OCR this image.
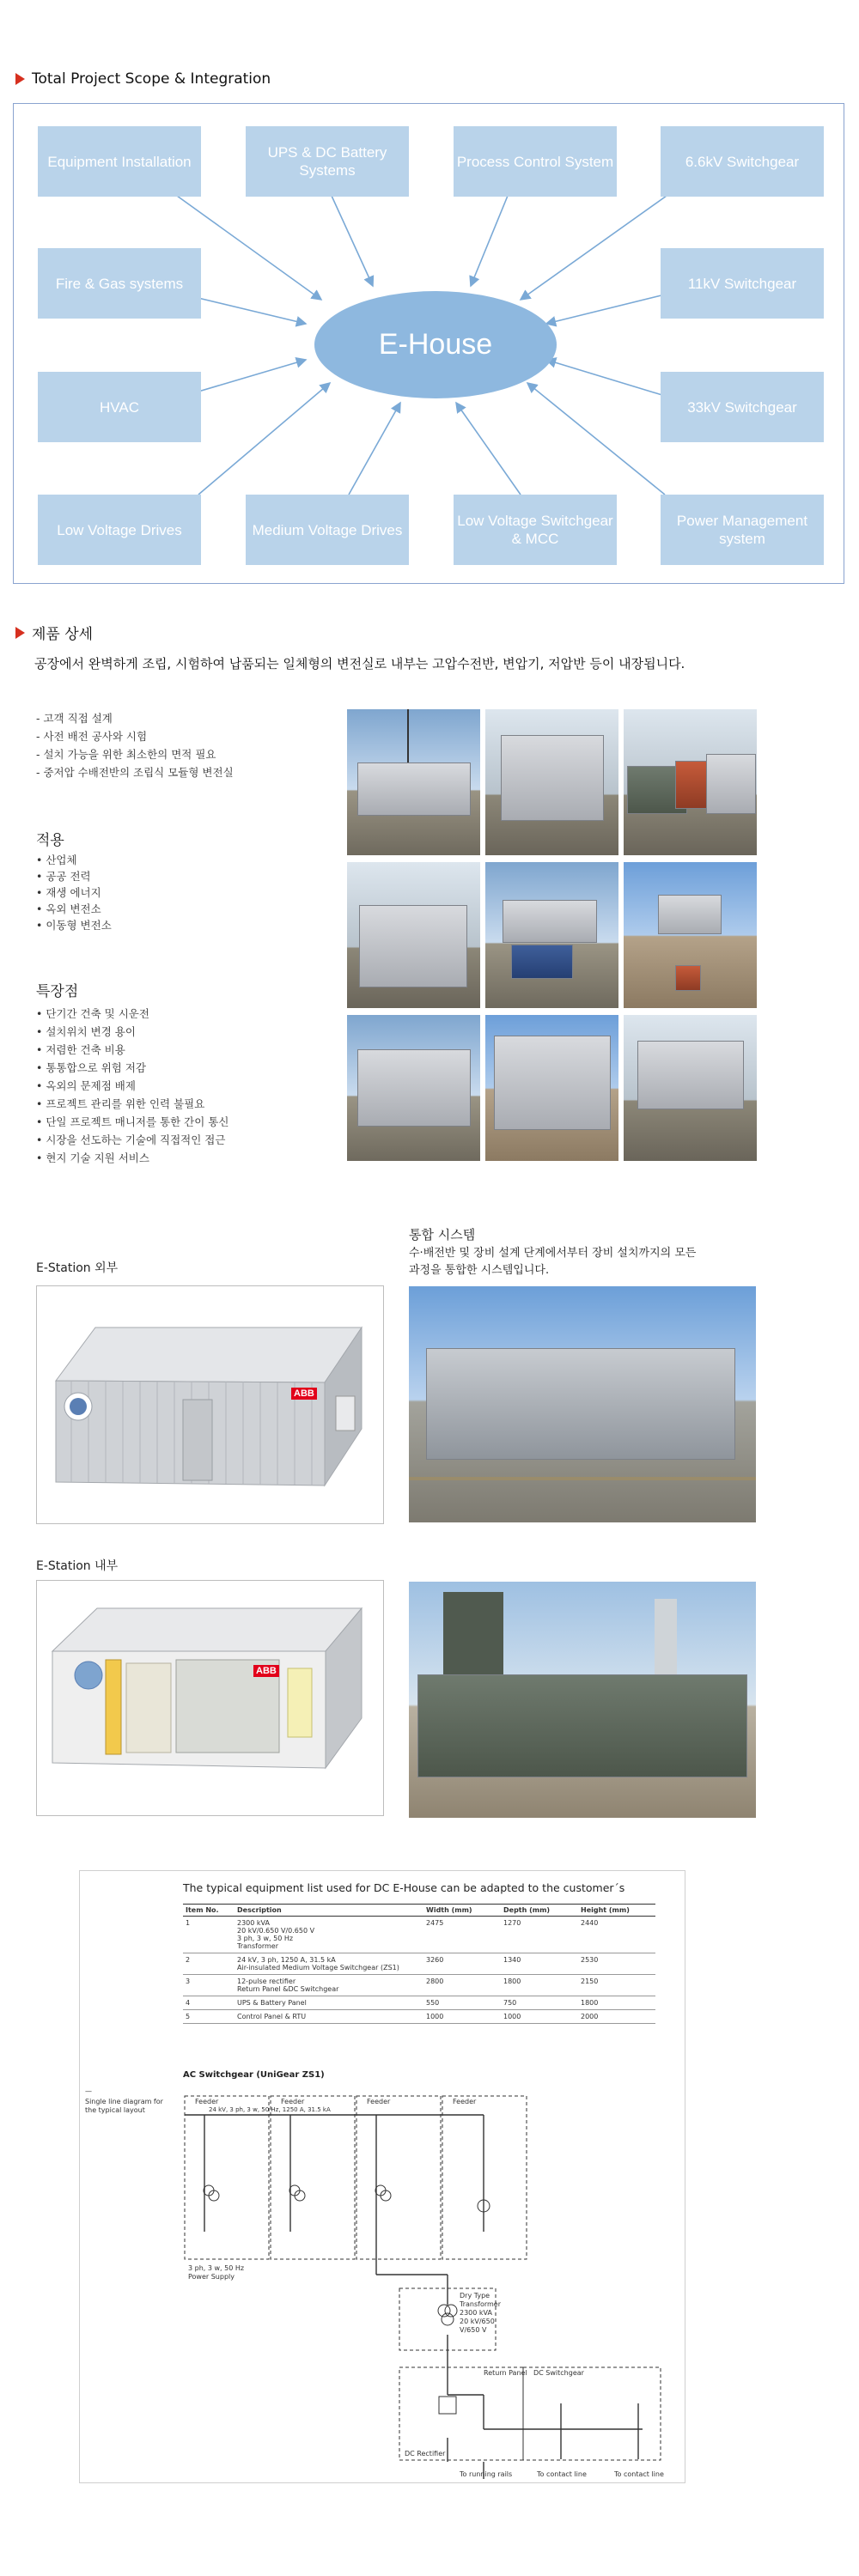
Total Project Scope & Integration
Equipment Installation
UPS & DC Battery Systems
Process Control System	6.6kV Switchgear
Fire & Gas systems	11kV Switchgear
HVAC	33kV Switchgear
Low Voltage Drives	Medium Voltage Drives
Low Voltage Switchgear & MCC
Power Management system
E-House
제품 상세
공장에서 완벽하게 조립, 시험하여 납품되는 일체형의 변전실로 내부는 고압수전반, 변압기, 저압반 등이 내장됩니다.
- 고객 직접 설계
- 사전 배전 공사와 시험
- 설치 가능을 위한 최소한의 면적 필요
- 중저압 수배전반의 조립식 모듈형 변전실
적용
• 산업체
• 공공 전력
• 재생 에너지
• 옥외 변전소
• 이동형 변전소
특장점
• 단기간 건축 및 시운전
• 설치위치 변경 용이
• 저렴한 건축 비용
• 통통합으로 위험 저감
• 옥외의 문제점 배제
• 프로젝트 관리를 위한 인력 불필요
• 단일 프로젝트 매니저를 통한 간이 통신
• 시장을 선도하는 기술에 직접적인 접근
• 현지 기술 지원 서비스
통합 시스템
수·배전반 및 장비 설계 단계에서부터 장비 설치까지의 모든
과정을 통합한 시스템입니다.
E-Station 외부
ABB
E-Station 내부
ABB
The typical equipment list used for DC E-House can be adapted to the customer´s
Item No.	Description	Width (mm)	Depth (mm)	Height (mm)
1	2300 kVA
20 kV/0.650 V/0.650 V
3 ph, 3 w, 50 Hz
Transformer	2475	1270	2440
2	24 kV, 3 ph, 1250 A, 31.5 kA
Air-insulated Medium Voltage Switchgear (ZS1)	3260	1340	2530
3	12-pulse rectifier
Return Panel &DC Switchgear	2800	1800	2150
4	UPS & Battery Panel	550	750	1800
5	Control Panel & RTU	1000	1000	2000
AC Switchgear (UniGear ZS1)
—
Single line diagram for the typical layout
Feeder	Feeder	Feeder	Feeder
24 kV, 3 ph, 3 w, 50 Hz, 1250 A, 31.5 kA
3 ph, 3 w, 50 Hz
Power Supply
Dry Type
Transformer
2300 kVA
20 kV/650
V/650 V
Return Panel DC Switchgear
DC Rectifier
To running rails	To contact line	To contact line
